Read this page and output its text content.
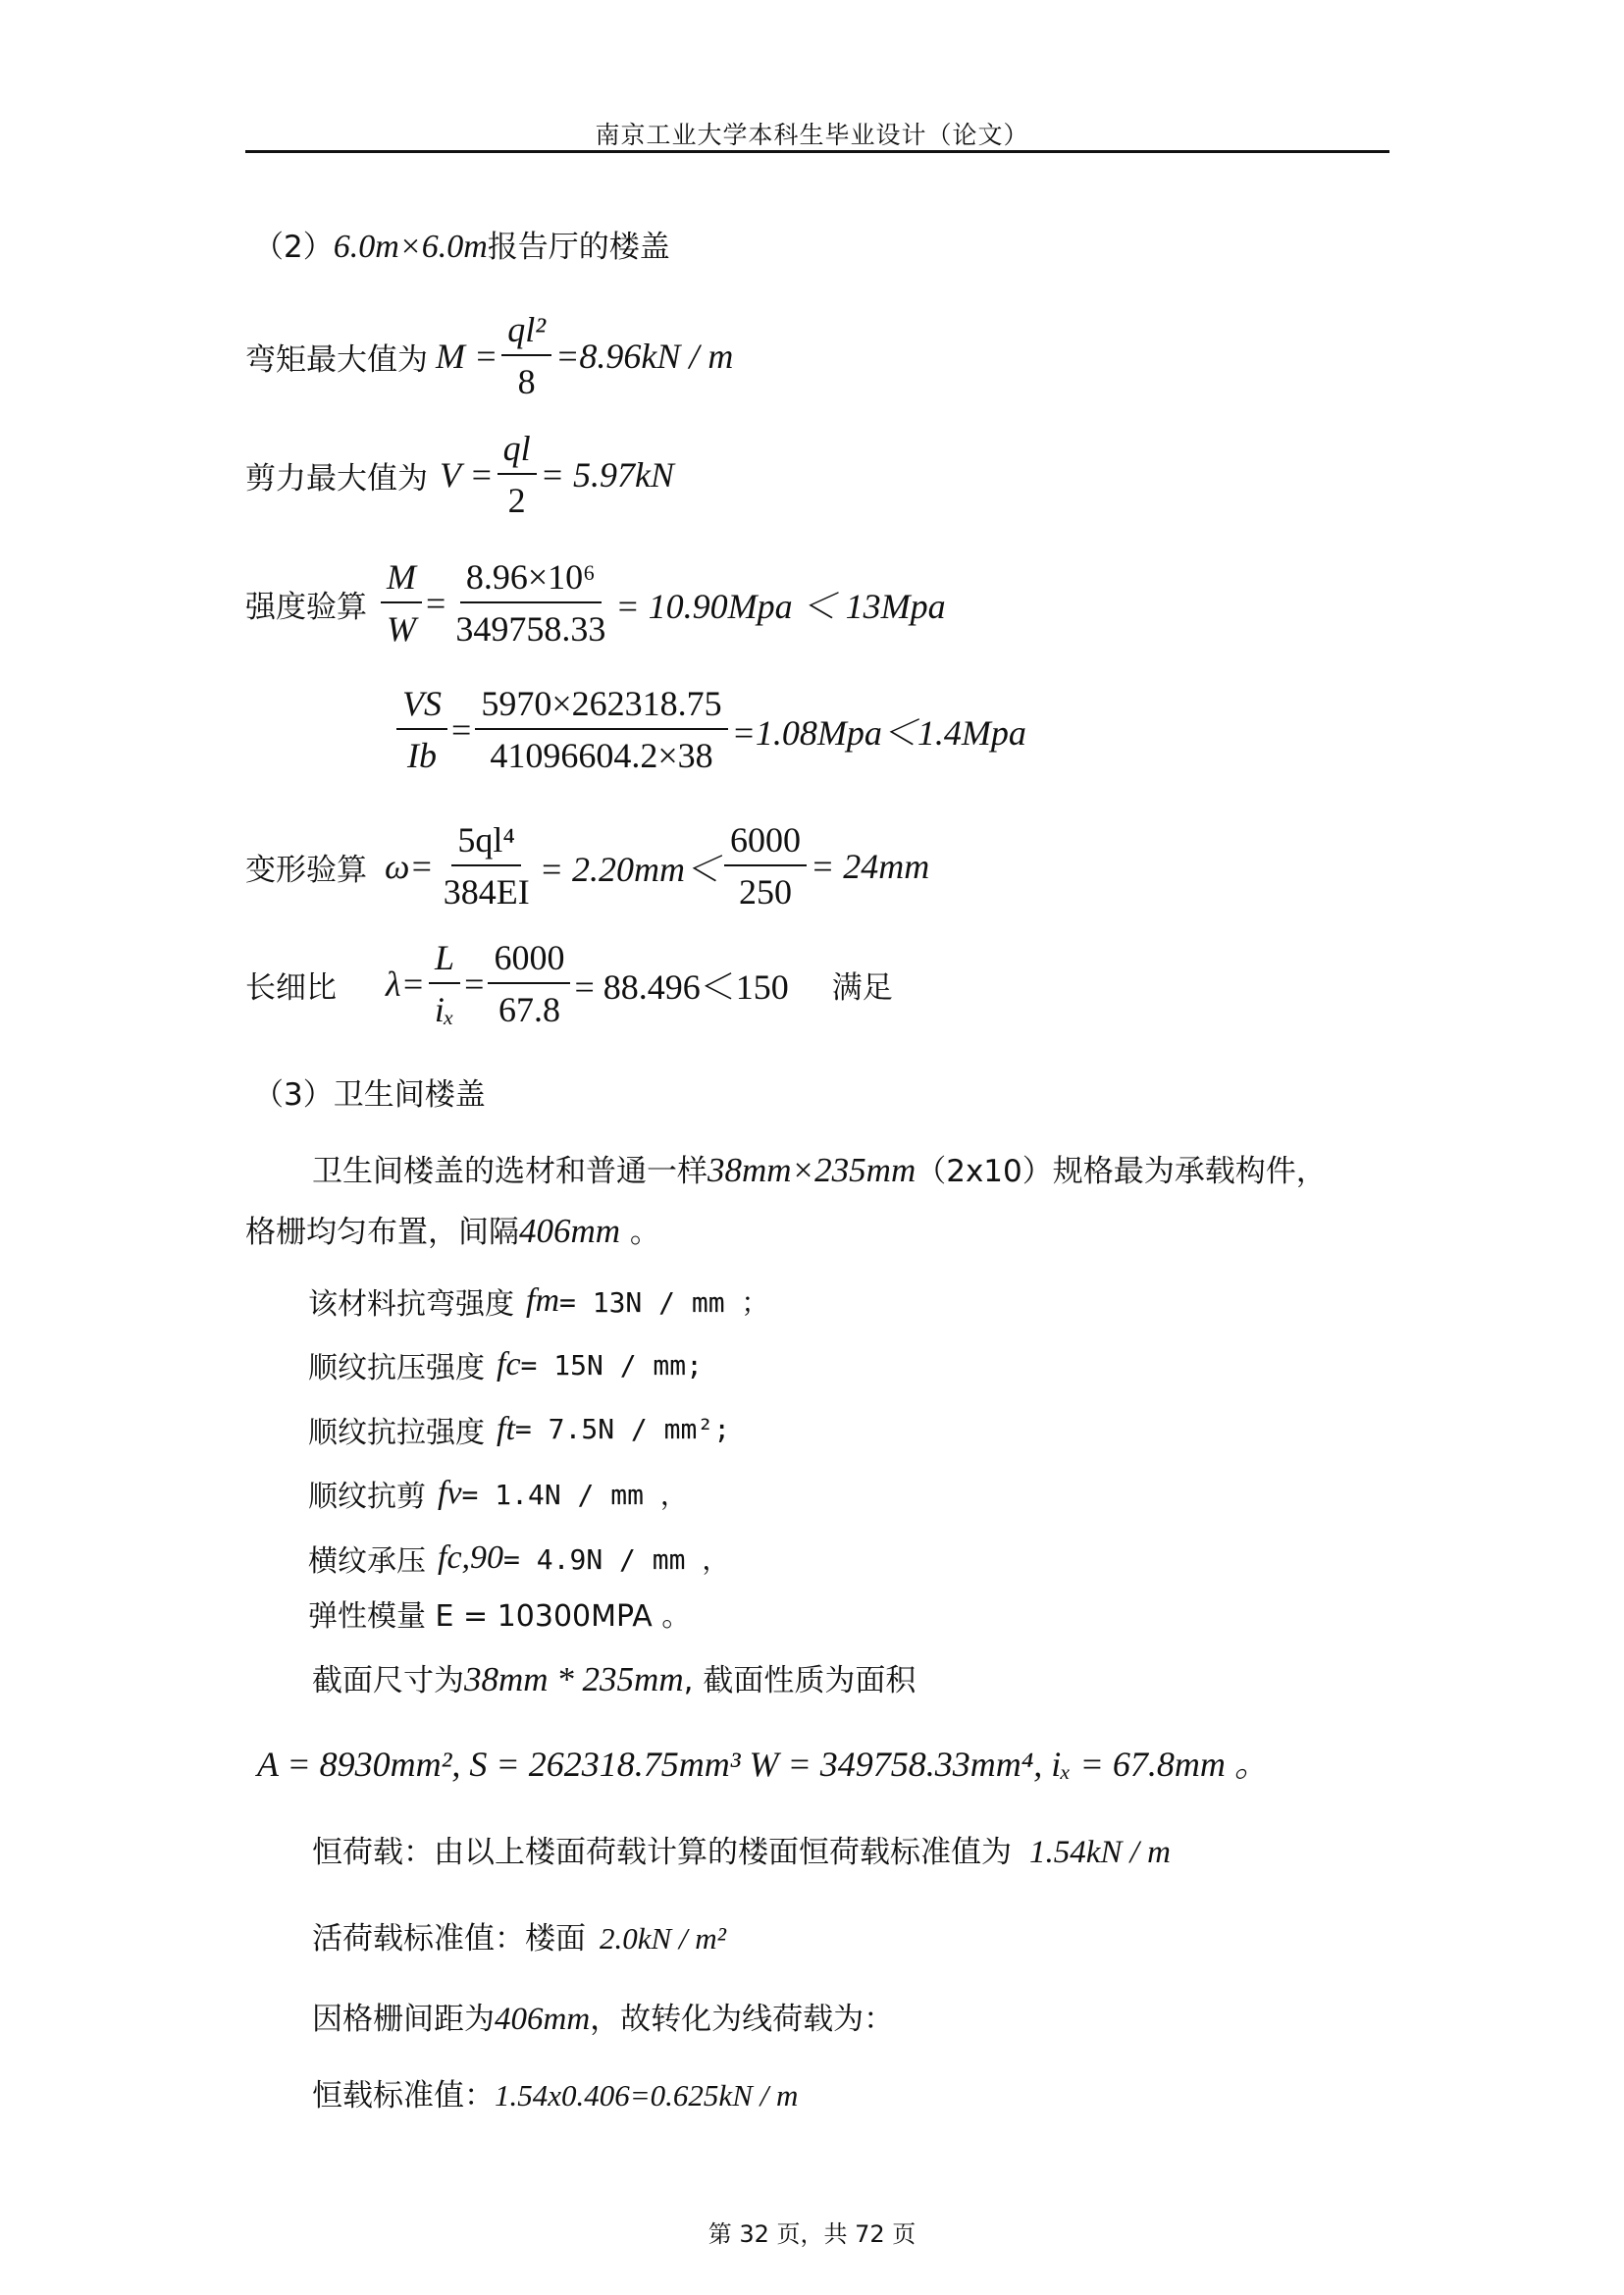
南京工业大学本科生毕业设计（论文）
（2）6.0m×6.0m报告厅的楼盖
弯矩最大值为 $M = \frac{\text{ql²}}{8} =8.96kN / m$
剪力最大值为 $V = \frac{ql}{2} = 5.97kN$
强度验算 $\frac{M}{W} = \frac{\text{8.96×10⁶}}{349758.33} = 10.90Mpa < 13Mpa$
$\frac{VS}{Ib} = \frac{5970\times 262318.75}{41096604.2\times 38} =1.08Mpa<1.4Mpa$
变形验算 $\omega= \frac{\text{5ql⁴}}{384EI} = 2.20mm< \frac{6000}{250} = 24mm$
长细比 $\lambda= \frac{L}{\text{iₓ}} = \frac{6000}{67.8} = 88.496<150$ 满足
（3）卫生间楼盖
卫生间楼盖的选材和普通一样38mm×235mm（2x10）规格最为承载构件，
格栅均匀布置，间隔406mm 。
该材料抗弯强度 fm = 13N / mm ；
顺纹抗压强度 fc = 15N / mm;
顺纹抗拉强度 ft = 7.5N / mm²;
顺纹抗剪 fv = 1.4N / mm ，
横纹承压 fc,90 = 4.9N / mm ，
弹性模量 E = 10300MPA 。
截面尺寸为38mm * 235mm, 截面性质为面积
A = 8930mm², S = 262318.75mm³ W = 349758.33mm⁴, iₓ = 67.8mm 。
恒荷载：由以上楼面荷载计算的楼面恒荷载标准值为 1.54kN / m
活荷载标准值：楼面 2.0kN / m²
因格栅间距为406mm，故转化为线荷载为：
恒载标准值：1.54x0.406=0.625kN / m
第 32 页，共 72 页
